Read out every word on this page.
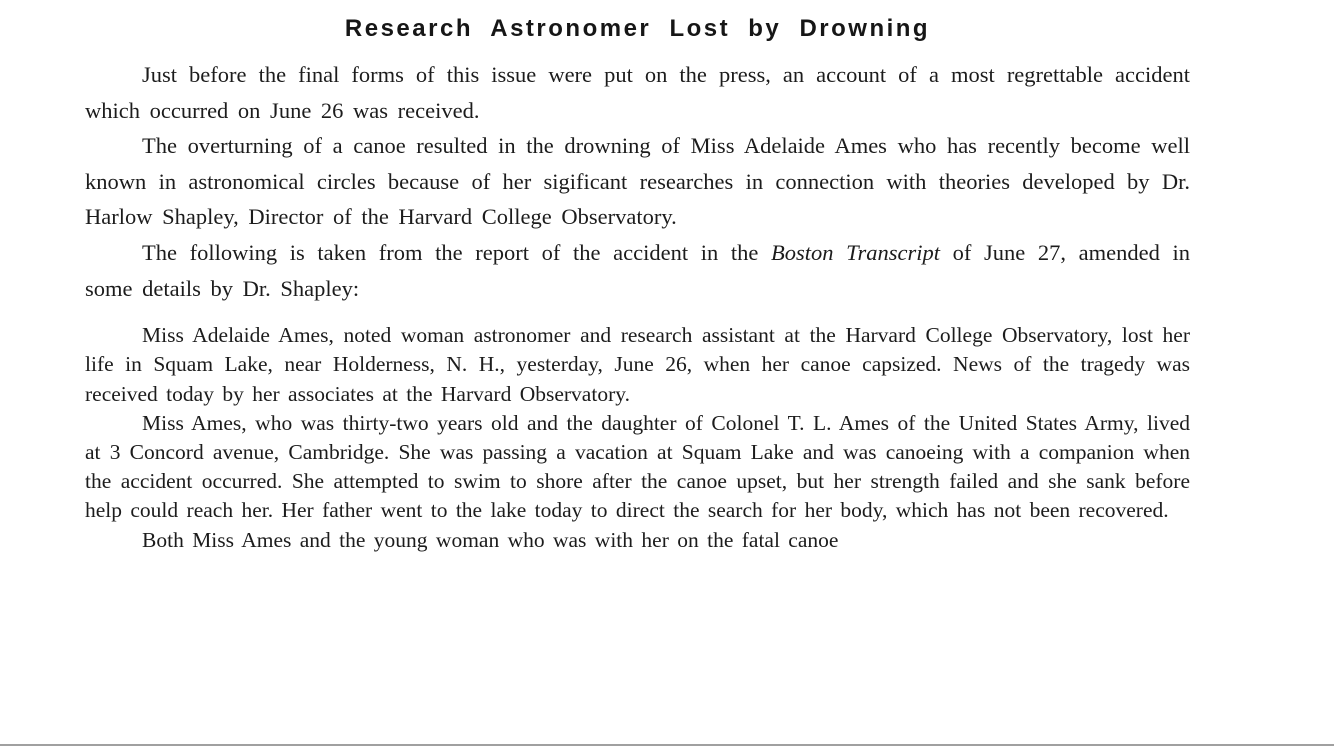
Research Astronomer Lost by Drowning

Just before the final forms of this issue were put on the press, an account of a most regrettable accident which occurred on June 26 was received.

The overturning of a canoe resulted in the drowning of Miss Adelaide Ames who has recently become well known in astronomical circles because of her sigificant researches in connection with theories developed by Dr. Harlow Shapley, Director of the Harvard College Observatory.

The following is taken from the report of the accident in the Boston Transcript of June 27, amended in some details by Dr. Shapley:

Miss Adelaide Ames, noted woman astronomer and research assistant at the Harvard College Observatory, lost her life in Squam Lake, near Holderness, N. H., yesterday, June 26, when her canoe capsized. News of the tragedy was received today by her associates at the Harvard Observatory.

Miss Ames, who was thirty-two years old and the daughter of Colonel T. L. Ames of the United States Army, lived at 3 Concord avenue, Cambridge. She was passing a vacation at Squam Lake and was canoeing with a companion when the accident occurred. She attempted to swim to shore after the canoe upset, but her strength failed and she sank before help could reach her. Her father went to the lake today to direct the search for her body, which has not been recovered.

Both Miss Ames and the young woman who was with her on the fatal canoe
